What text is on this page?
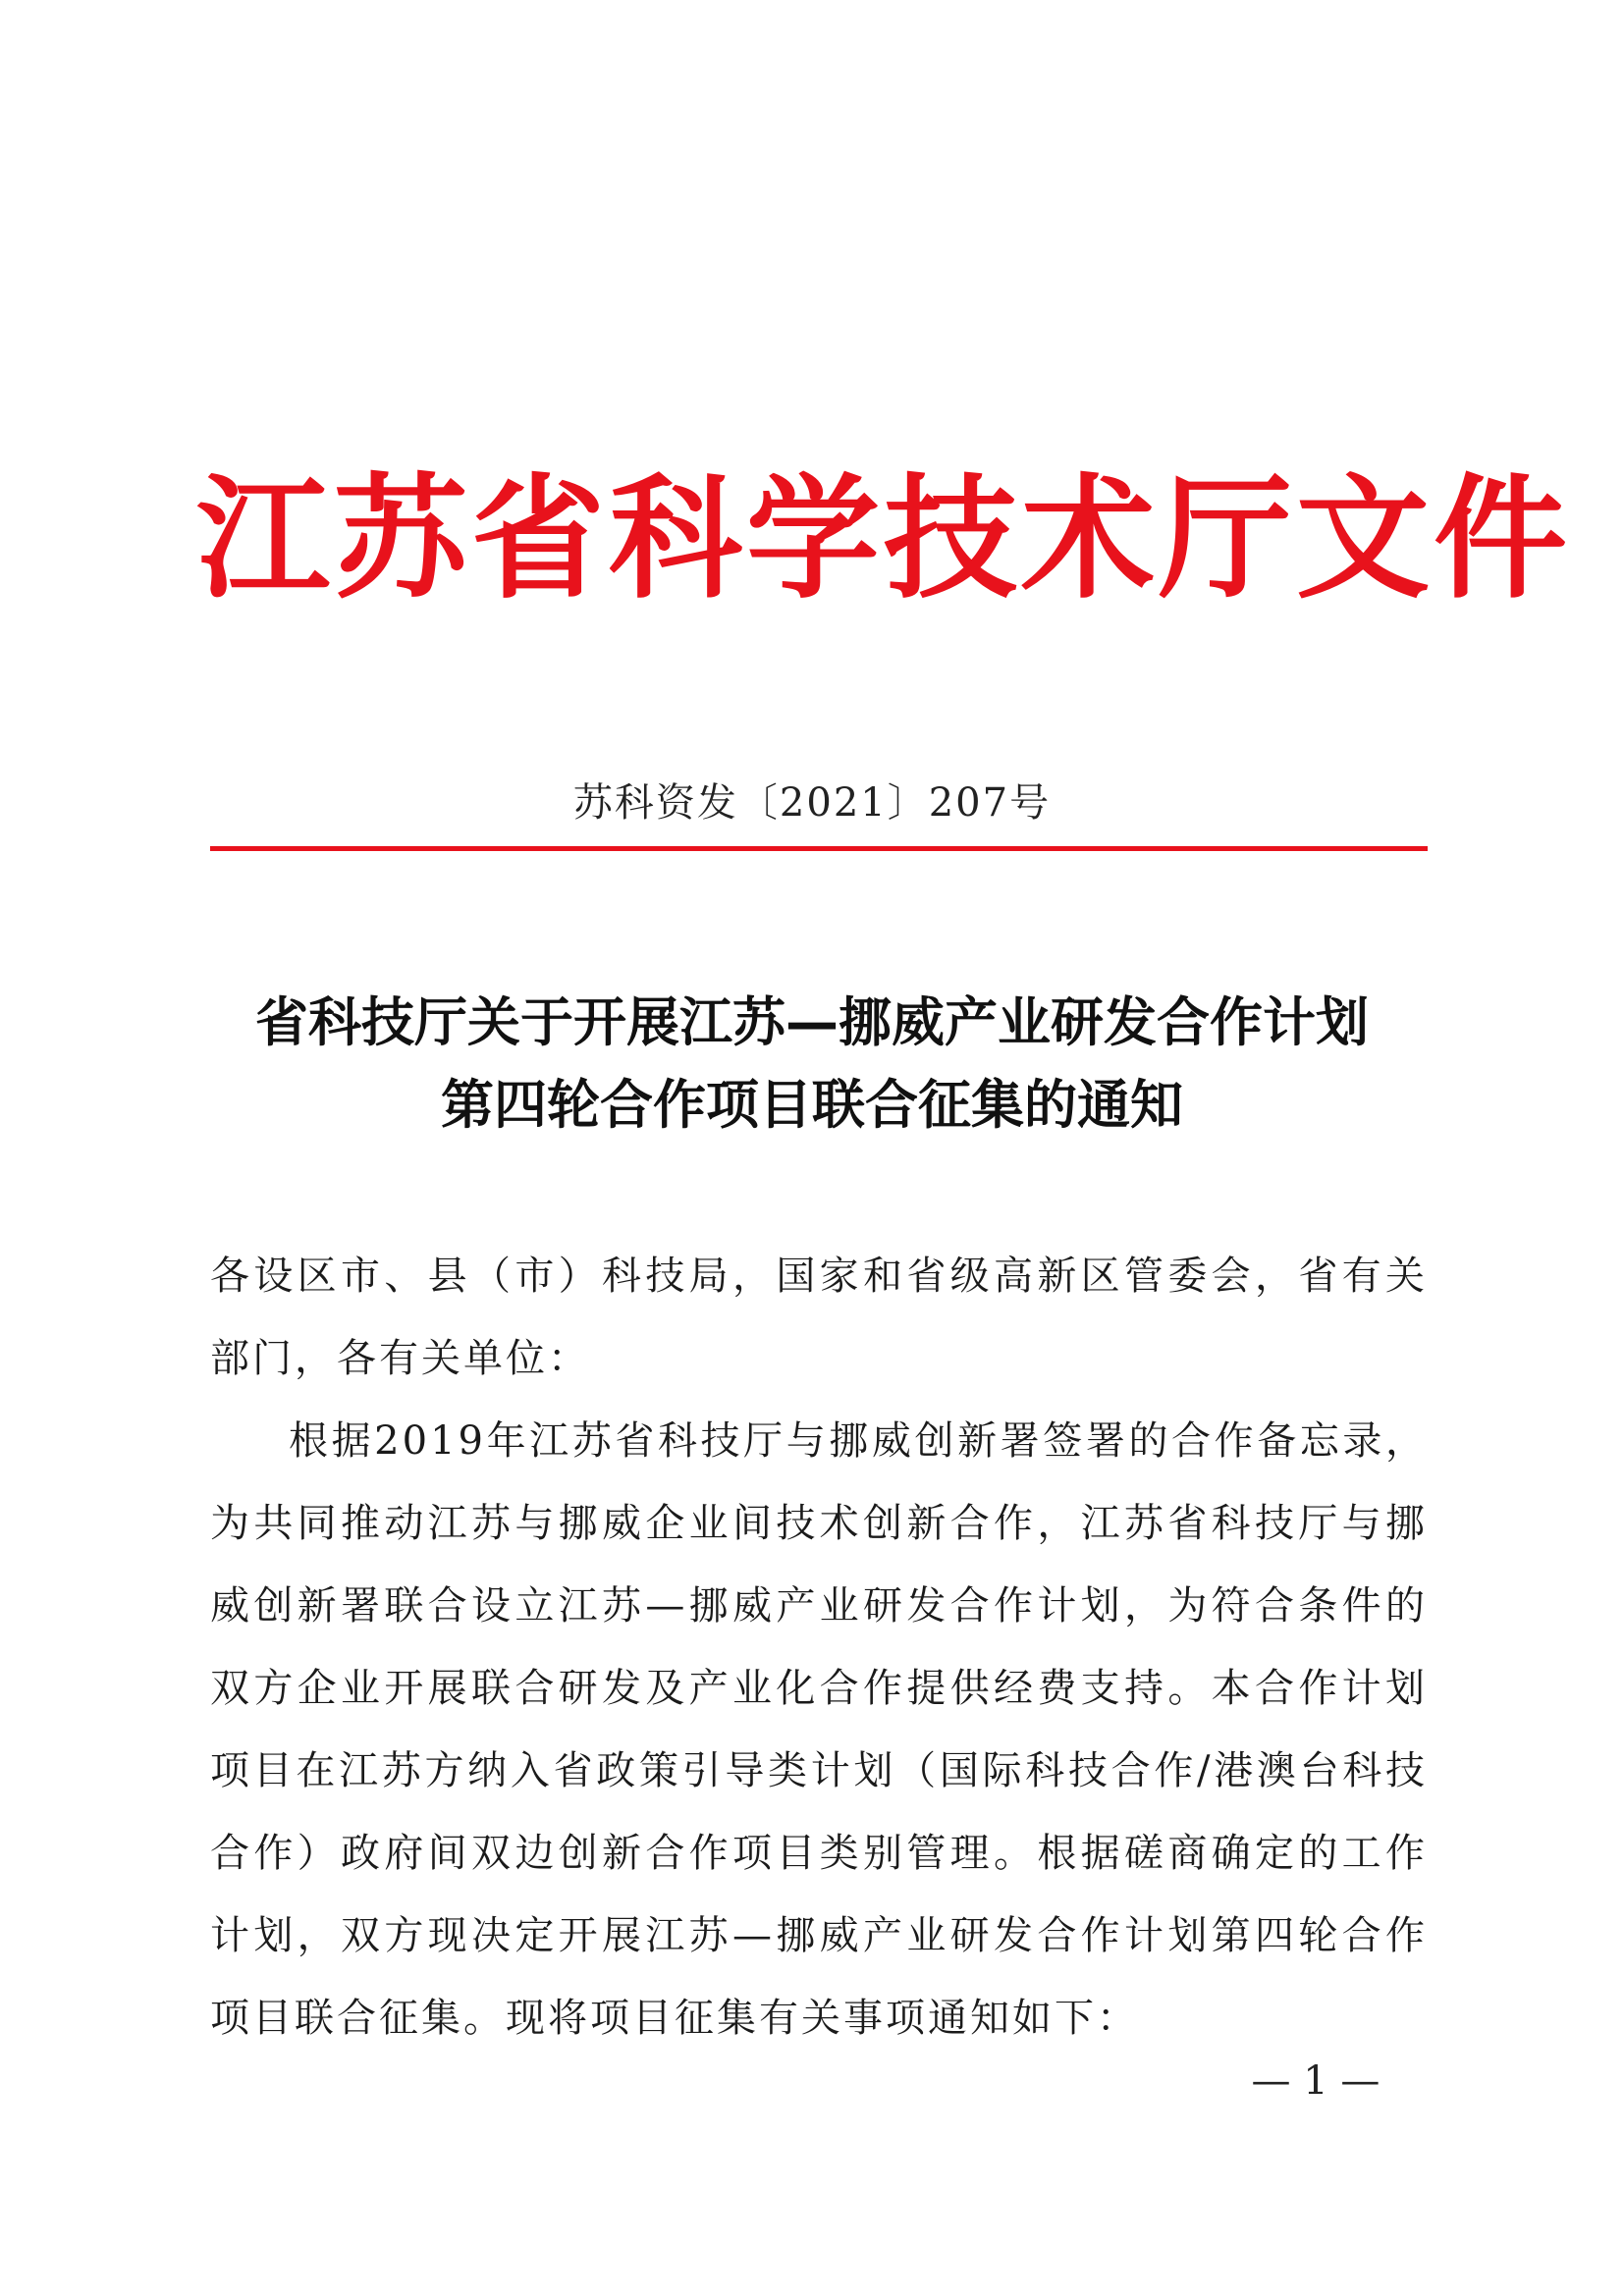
江苏省科学技术厅文件
苏科资发〔2021〕207号
省科技厅关于开展江苏—挪威产业研发合作计划
第四轮合作项目联合征集的通知

各设区市、县（市）科技局，国家和省级高新区管委会，省有关部门，各有关单位：

根据2019年江苏省科技厅与挪威创新署签署的合作备忘录，为共同推动江苏与挪威企业间技术创新合作，江苏省科技厅与挪威创新署联合设立江苏—挪威产业研发合作计划，为符合条件的双方企业开展联合研发及产业化合作提供经费支持。本合作计划项目在江苏方纳入省政策引导类计划（国际科技合作/港澳台科技合作）政府间双边创新合作项目类别管理。根据磋商确定的工作计划，双方现决定开展江苏—挪威产业研发合作计划第四轮合作项目联合征集。现将项目征集有关事项通知如下：

— 1 —
